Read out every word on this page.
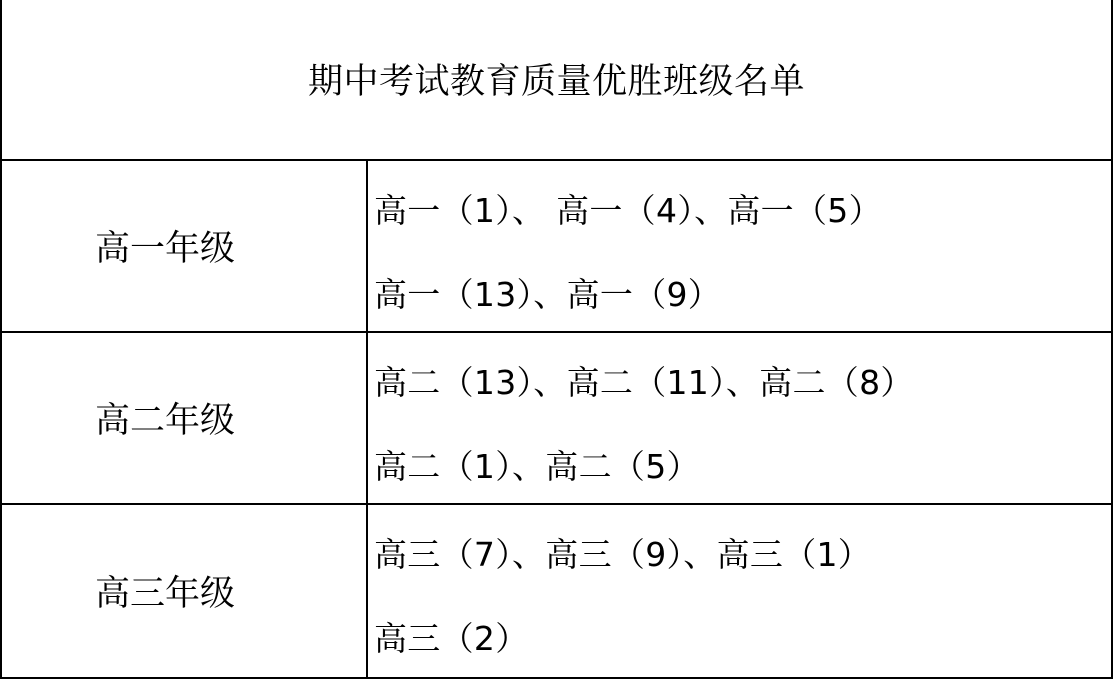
期中考试教育质量优胜班级名单
高一年级
高一（1）、 高一（4）、高一（5）
高一（13）、高一（9）
高二年级
高二（13）、高二（11）、高二（8）
高二（1）、高二（5）
高三年级
高三（7）、高三（9）、高三（1）
高三（2）
